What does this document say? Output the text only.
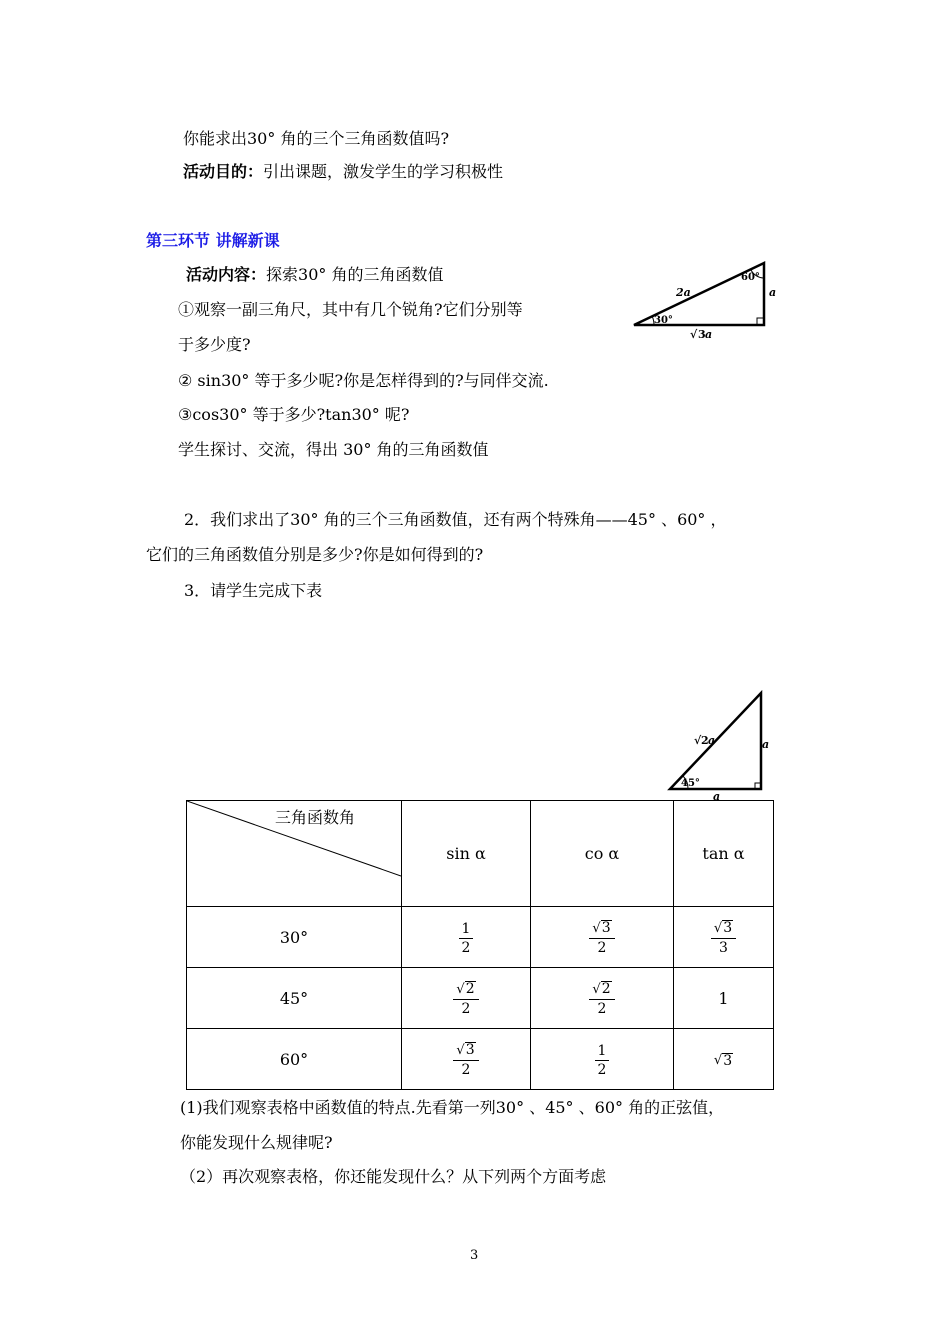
你能求出30° 角的三个三角函数值吗?
活动目的：引出课题，激发学生的学习积极性
第三环节 讲解新课
活动内容：探索30° 角的三角函数值
①观察一副三角尺，其中有几个锐角?它们分别等
于多少度?
② sin30° 等于多少呢?你是怎样得到的?与同伴交流.
③cos30° 等于多少?tan30° 呢?
学生探讨、交流，得出 30° 角的三角函数值
2a
60°
a
30°
√ 3 a
2．我们求出了30° 角的三个三角函数值，还有两个特殊角——45° 、60° ，
它们的三角函数值分别是多少?你是如何得到的?
3．请学生完成下表
√ 2 a	a
45°
a
三角函数角	sin α	co α	tan α
30°	$\frac{1}{2}$	$\frac{√ 3}{2}$	$\frac{√ 3}{3}$

45°	$\frac{√ 2}{2}$	$\frac{√ 2}{2}$	1
60°	$\frac{√ 3}{2}$	$\frac{1}{2}$	√ 3
(1)我们观察表格中函数值的特点.先看第一列30° 、45° 、60° 角的正弦值，
你能发现什么规律呢?
（2）再次观察表格，你还能发现什么？从下列两个方面考虑
3
